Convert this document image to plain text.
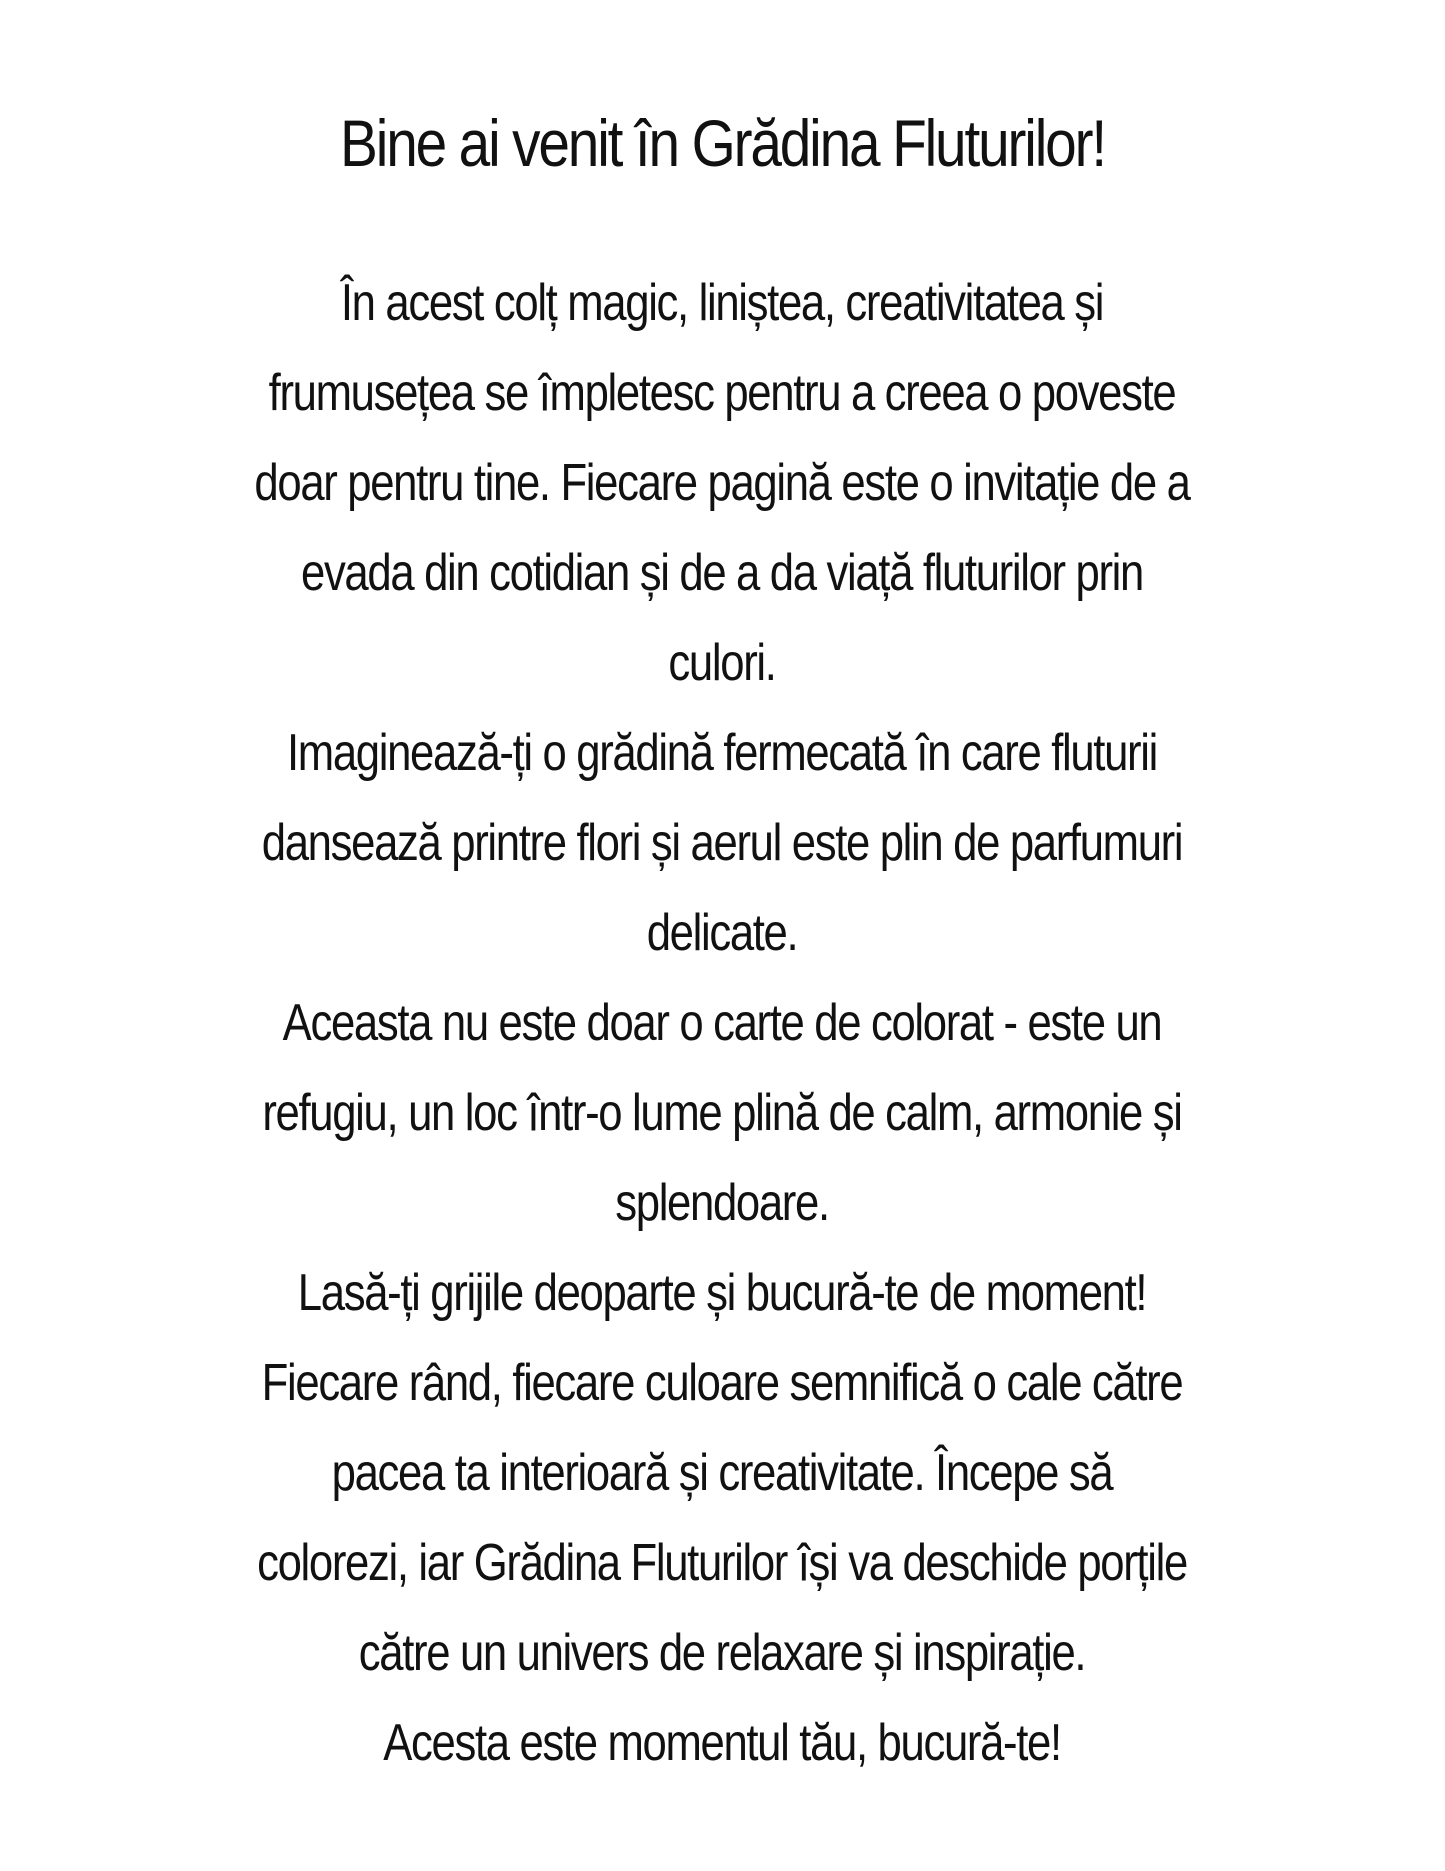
Bine ai venit în Grădina Fluturilor!
În acest colț magic, liniștea, creativitatea și
frumusețea se împletesc pentru a creea o poveste
doar pentru tine. Fiecare pagină este o invitație de a
evada din cotidian și de a da viață fluturilor prin
culori.
Imaginează-ți o grădină fermecată în care fluturii
dansează printre flori și aerul este plin de parfumuri
delicate.
Aceasta nu este doar o carte de colorat - este un
refugiu, un loc într-o lume plină de calm, armonie și
splendoare.
Lasă-ți grijile deoparte și bucură-te de moment!
Fiecare rând, fiecare culoare semnifică o cale către
pacea ta interioară și creativitate. Începe să
colorezi, iar Grădina Fluturilor își va deschide porțile
către un univers de relaxare și inspirație.
Acesta este momentul tău, bucură-te!
